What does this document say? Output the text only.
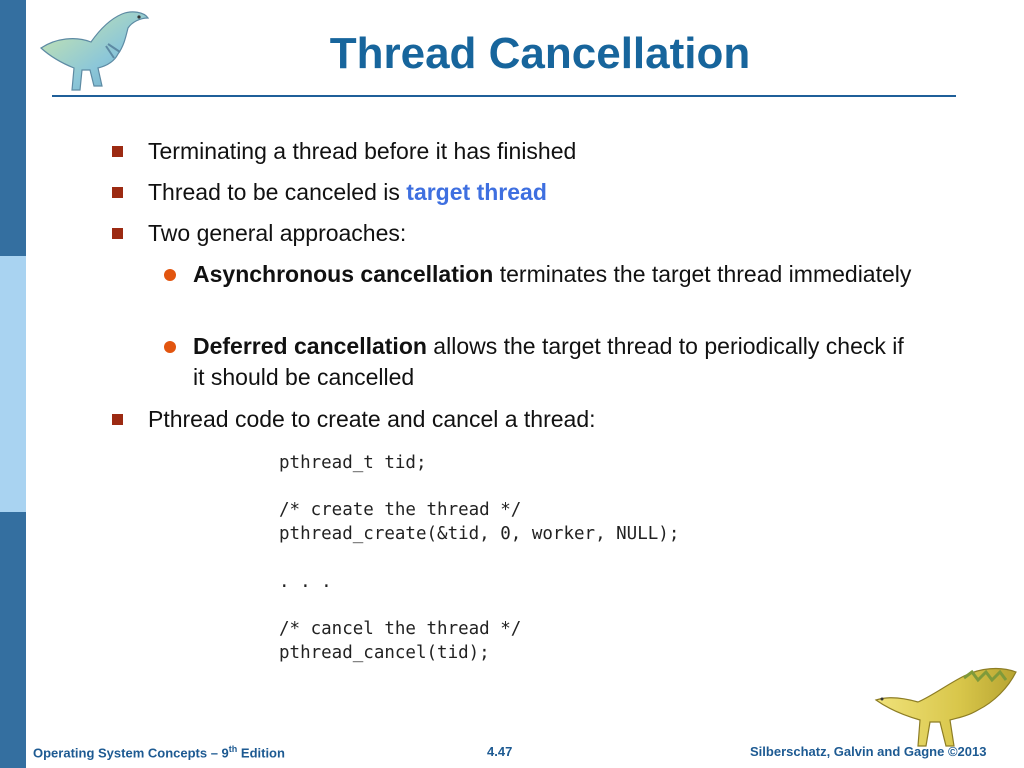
Thread Cancellation
Terminating a thread before it has finished
Thread to be canceled is target thread
Two general approaches:
Asynchronous cancellation terminates the target thread immediately
Deferred cancellation allows the target thread to periodically check if it should be cancelled
Pthread code to create and cancel a thread:
pthread_t tid;

/* create the thread */
pthread_create(&tid, 0, worker, NULL);

. . .

/* cancel the thread */
pthread_cancel(tid);
Operating System Concepts – 9th Edition	4.47	Silberschatz, Galvin and Gagne ©2013
